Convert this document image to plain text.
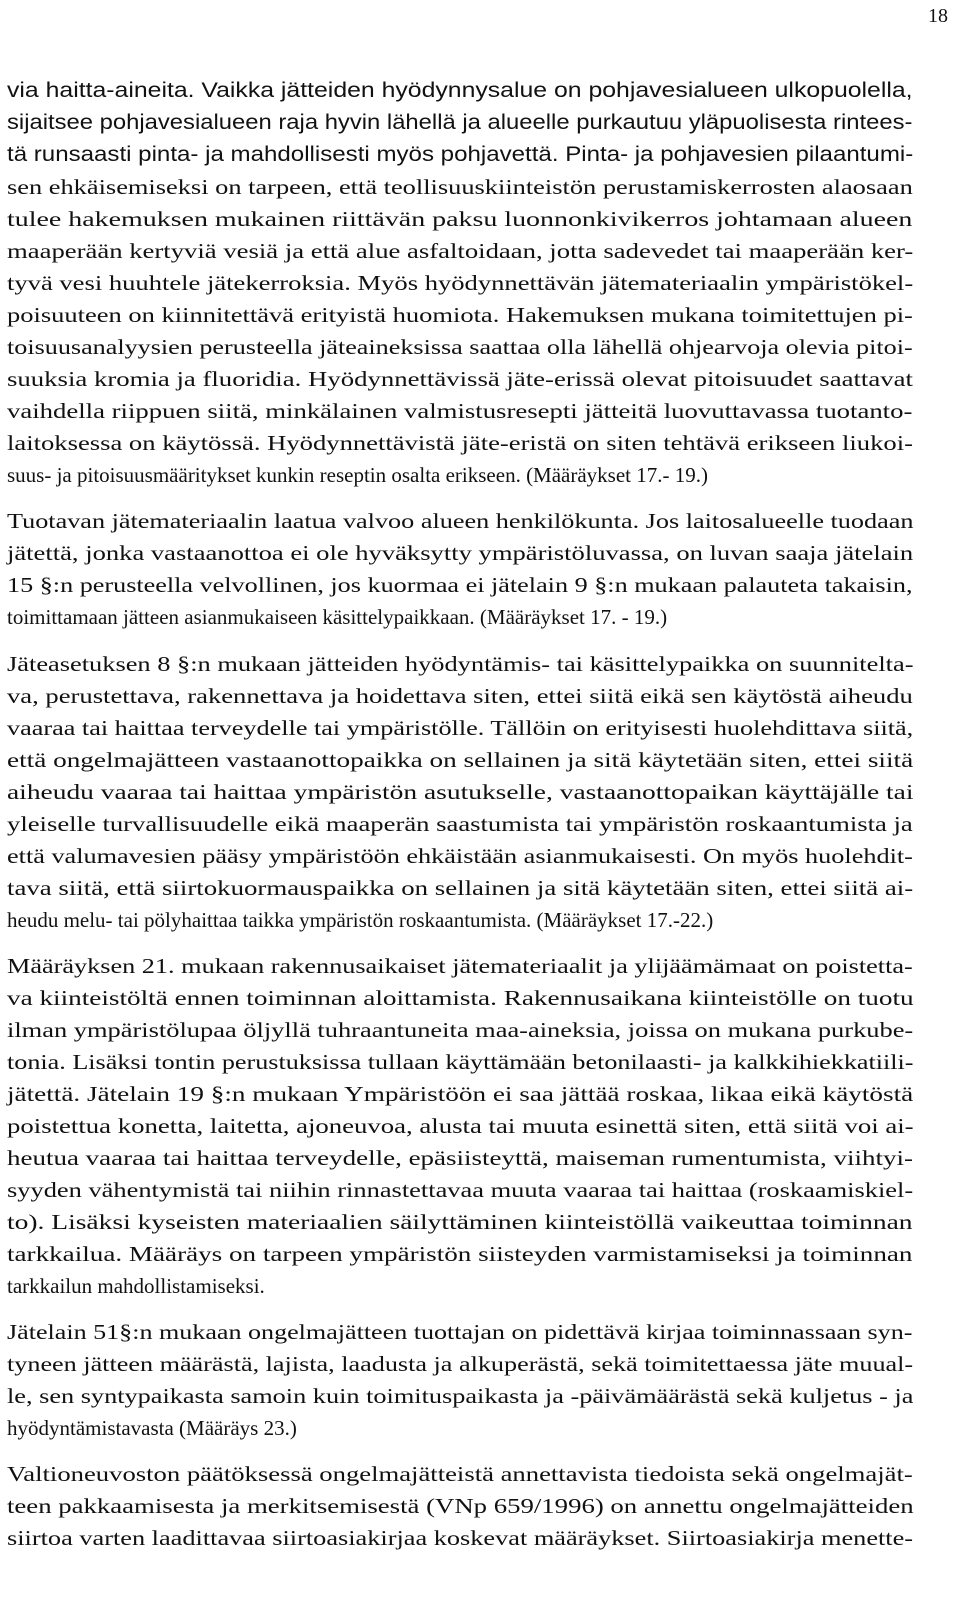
18
via haitta-aineita. Vaikka jätteiden hyödynnysalue on pohjavesialueen ulkopuolella,
sijaitsee pohjavesialueen raja hyvin lähellä ja alueelle purkautuu yläpuolisesta rintees-
tä runsaasti pinta- ja mahdollisesti myös pohjavettä. Pinta- ja pohjavesien pilaantumi-
sen ehkäisemiseksi on tarpeen, että teollisuuskiinteistön perustamiskerrosten alaosaan
tulee hakemuksen mukainen riittävän paksu luonnonkivikerros johtamaan alueen
maaperään kertyviä vesiä ja että alue asfaltoidaan, jotta sadevedet tai maaperään ker-
tyvä vesi huuhtele jätekerroksia. Myös hyödynnettävän jätemateriaalin ympäristökel-
poisuuteen on kiinnitettävä erityistä huomiota. Hakemuksen mukana toimitettujen pi-
toisuusanalyysien perusteella jäteaineksissa saattaa olla lähellä ohjearvoja olevia pitoi-
suuksia kromia ja fluoridia. Hyödynnettävissä jäte-erissä olevat pitoisuudet saattavat
vaihdella riippuen siitä, minkälainen valmistusresepti jätteitä luovuttavassa tuotanto-
laitoksessa on käytössä. Hyödynnettävistä jäte-eristä on siten tehtävä erikseen liukoi-
suus- ja pitoisuusmääritykset kunkin reseptin osalta erikseen. (Määräykset 17.- 19.)
Tuotavan jätemateriaalin laatua valvoo alueen henkilökunta. Jos laitosalueelle tuodaan
jätettä, jonka vastaanottoa ei ole hyväksytty ympäristöluvassa, on luvan saaja jätelain
15 §:n perusteella velvollinen, jos kuormaa ei jätelain 9 §:n mukaan palauteta takaisin,
toimittamaan jätteen asianmukaiseen käsittelypaikkaan. (Määräykset 17. - 19.)
Jäteasetuksen 8 §:n mukaan jätteiden hyödyntämis- tai käsittelypaikka on suunniteltа-
va, perustettava, rakennettava ja hoidettava siten, ettei siitä eikä sen käytöstä aiheudu
vaaraa tai haittaa terveydelle tai ympäristölle. Tällöin on erityisesti huolehdittava siitä,
että ongelmajätteen vastaanottopaikka on sellainen ja sitä käytetään siten, ettei siitä
aiheudu vaaraa tai haittaa ympäristön asutukselle, vastaanottopaikan käyttäjälle tai
yleiselle turvallisuudelle eikä maaperän saastumista tai ympäristön roskaantumista ja
että valumavesien pääsy ympäristöön ehkäistään asianmukaisesti. On myös huolehdit-
tava siitä, että siirtokuormauspaikka on sellainen ja sitä käytetään siten, ettei siitä ai-
heudu melu- tai pölyhaittaa taikka ympäristön roskaantumista. (Määräykset 17.-22.)
Määräyksen 21. mukaan rakennusaikaiset jätemateriaalit ja ylijäämämaat on poistetta-
va kiinteistöltä ennen toiminnan aloittamista. Rakennusaikana kiinteistölle on tuotu
ilman ympäristölupaa öljyllä tuhraantuneita maa-aineksia, joissa on mukana purkube-
tonia. Lisäksi tontin perustuksissa tullaan käyttämään betonilaasti- ja kalkkihiekkatiili-
jätettä. Jätelain 19 §:n mukaan Ympäristöön ei saa jättää roskaa, likaa eikä käytöstä
poistettua konetta, laitetta, ajoneuvoa, alusta tai muuta esinettä siten, että siitä voi ai-
heutua vaaraa tai haittaa terveydelle, epäsiisteyttä, maiseman rumentumista, viihtyi-
syyden vähentymistä tai niihin rinnastettavaa muuta vaaraa tai haittaa (roskaamiskiel-
to). Lisäksi kyseisten materiaalien säilyttäminen kiinteistöllä vaikeuttaa toiminnan
tarkkailua. Määräys on tarpeen ympäristön siisteyden varmistamiseksi ja toiminnan
tarkkailun mahdollistamiseksi.
Jätelain 51§:n mukaan ongelmajätteen tuottajan on pidettävä kirjaa toiminnassaan syn-
tyneen jätteen määrästä, lajista, laadusta ja alkuperästä, sekä toimitettaessa jäte muual-
le, sen syntypaikasta samoin kuin toimituspaikasta ja -päivämäärästä sekä kuljetus - ja
hyödyntämistavasta (Määräys 23.)
Valtioneuvoston päätöksessä ongelmajätteistä annettavista tiedoista sekä ongelmajät-
teen pakkaamisesta ja merkitsemisestä (VNp 659/1996) on annettu ongelmajätteiden
siirtoa varten laadittavaa siirtoasiakirjaa koskevat määräykset. Siirtoasiakirja menette-
